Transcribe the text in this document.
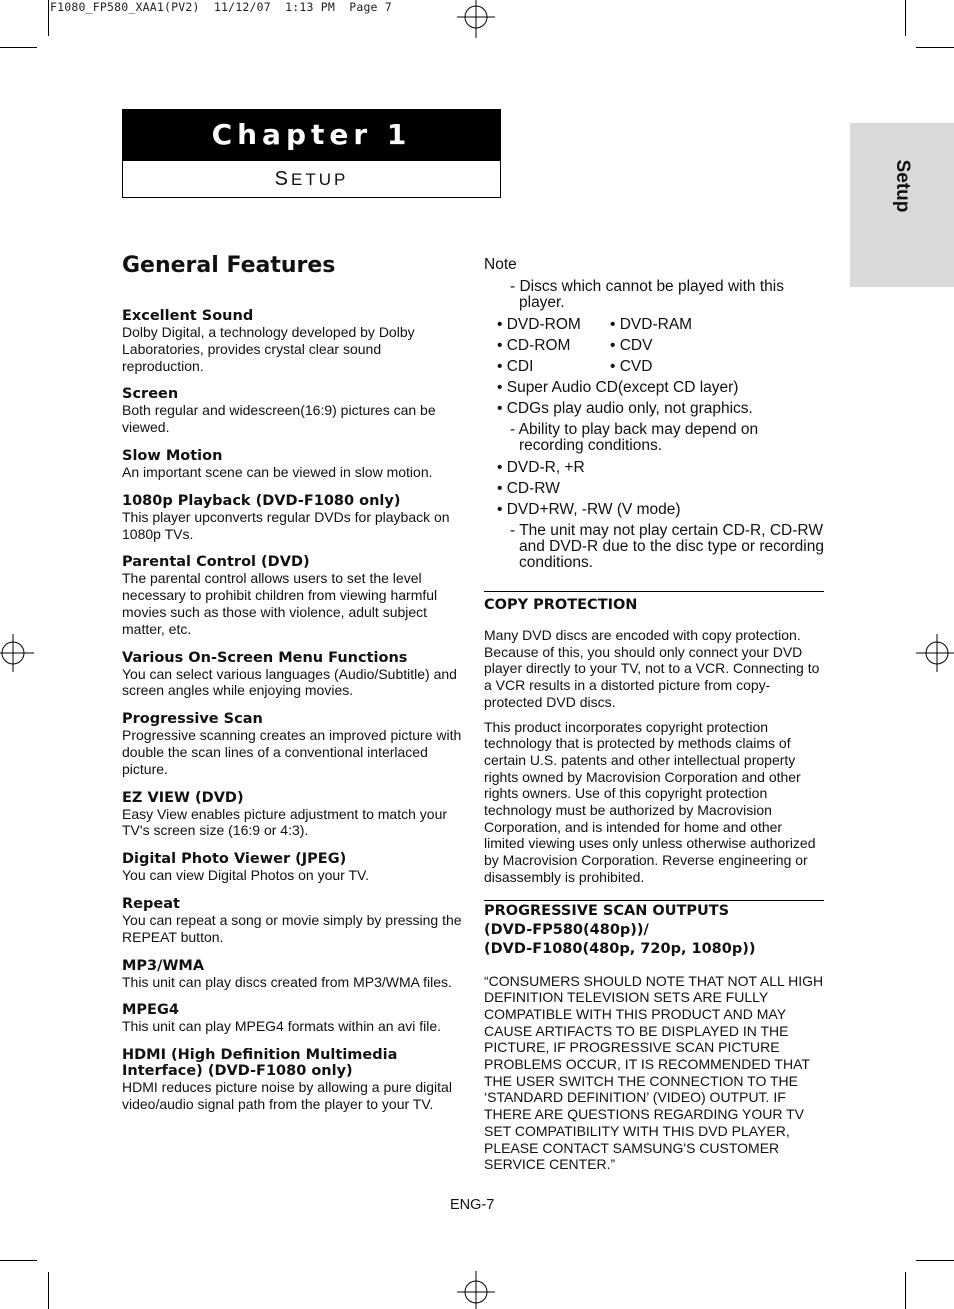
F1080_FP580_XAA1(PV2)  11/12/07  1:13 PM  Page 7
Chapter 1
SETUP	Setup
General Features
Excellent Sound

Dolby Digital, a technology developed by Dolby Laboratories, provides crystal clear sound reproduction.

Screen

Both regular and widescreen(16:9) pictures can be viewed.

Slow Motion

An important scene can be viewed in slow motion.

1080p Playback (DVD-F1080 only)

This player upconverts regular DVDs for playback on 1080p TVs.

Parental Control (DVD)

The parental control allows users to set the level necessary to prohibit children from viewing harmful movies such as those with violence, adult subject matter, etc.

Various On-Screen Menu Functions

You can select various languages (Audio/Subtitle) and screen angles while enjoying movies.

Progressive Scan

Progressive scanning creates an improved picture with double the scan lines of a conventional interlaced picture.

EZ VIEW (DVD)

Easy View enables picture adjustment to match your TV's screen size (16:9 or 4:3).

Digital Photo Viewer (JPEG)

You can view Digital Photos on your TV.

Repeat

You can repeat a song or movie simply by pressing the REPEAT button.

MP3/WMA

This unit can play discs created from MP3/WMA files.

MPEG4

This unit can play MPEG4 formats within an avi file.

HDMI (High Definition Multimedia Interface) (DVD-F1080 only)

HDMI reduces picture noise by allowing a pure digital video/audio signal path from the player to your TV.

Note

- Discs which cannot be played with this player.

• DVD-ROM	• DVD-RAM
• CD-ROM	• CDV
• CDI	• CVD
• Super Audio CD(except CD layer)
• CDGs play audio only, not graphics.

- Ability to play back may depend on recording conditions.

• DVD-R, +R
• CD-RW
• DVD+RW, -RW (V mode)

- The unit may not play certain CD-R, CD-RW and DVD-R due to the disc type or recording conditions.

COPY PROTECTION

Many DVD discs are encoded with copy protection. Because of this, you should only connect your DVD player directly to your TV, not to a VCR. Connecting to a VCR results in a distorted picture from copy-protected DVD discs.

This product incorporates copyright protection technology that is protected by methods claims of certain U.S. patents and other intellectual property rights owned by Macrovision Corporation and other rights owners. Use of this copyright protection technology must be authorized by Macrovision Corporation, and is intended for home and other limited viewing uses only unless otherwise authorized by Macrovision Corporation. Reverse engineering or disassembly is prohibited.

PROGRESSIVE SCAN OUTPUTS
(DVD-FP580(480p))/
(DVD-F1080(480p, 720p, 1080p))

“CONSUMERS SHOULD NOTE THAT NOT ALL HIGH DEFINITION TELEVISION SETS ARE FULLY COMPATIBLE WITH THIS PRODUCT AND MAY CAUSE ARTIFACTS TO BE DISPLAYED IN THE PICTURE, IF PROGRESSIVE SCAN PICTURE PROBLEMS OCCUR, IT IS RECOMMENDED THAT THE USER SWITCH THE CONNECTION TO THE ‘STANDARD DEFINITION’ (VIDEO) OUTPUT. IF THERE ARE QUESTIONS REGARDING YOUR TV SET COMPATIBILITY WITH THIS DVD PLAYER, PLEASE CONTACT SAMSUNG'S CUSTOMER SERVICE CENTER.”

ENG-7
